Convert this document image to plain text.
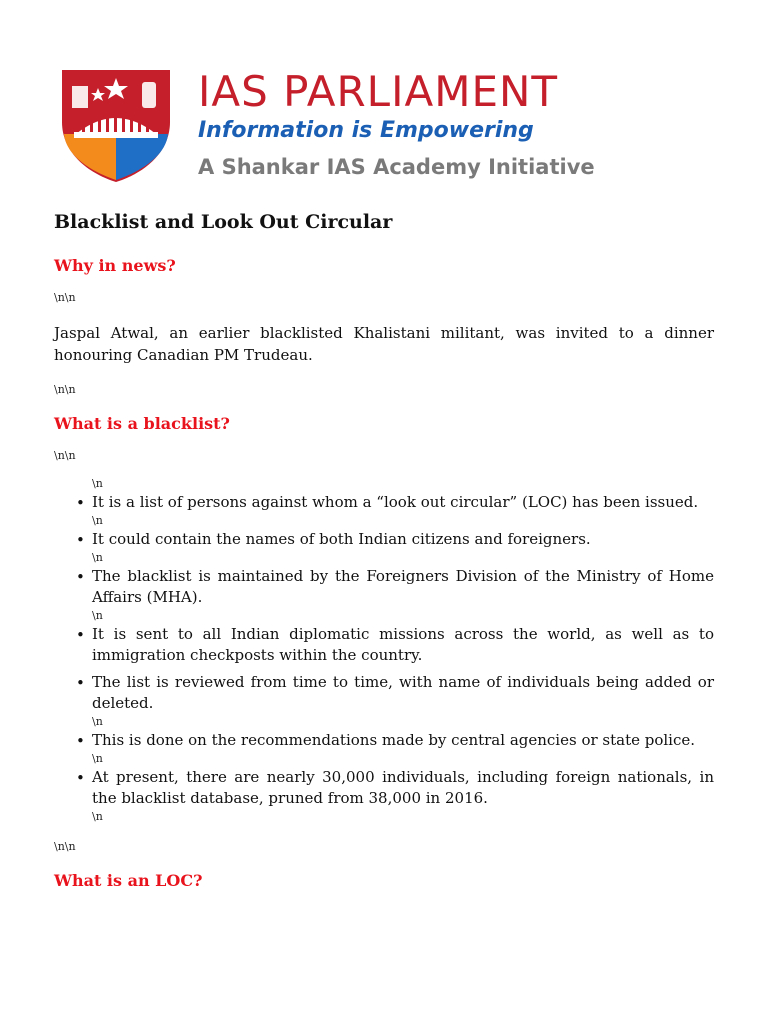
IAS PARLIAMENT
Information is Empowering
A Shankar IAS Academy Initiative
Blacklist and Look Out Circular
Why in news?

\n\n

Jaspal Atwal, an earlier blacklisted Khalistani militant, was invited to a dinner honouring Canadian PM Trudeau.

\n\n

What is a blacklist?

\n\n

\n
• It is a list of persons against whom a “look out circular” (LOC) has been issued.
\n
• It could contain the names of both Indian citizens and foreigners.
\n
• The blacklist is maintained by the Foreigners Division of the Ministry of Home Affairs (MHA).
\n
• It is sent to all Indian diplomatic missions across the world, as well as to immigration checkposts within the country.
• The list is reviewed from time to time, with name of individuals being added or deleted.
\n
• This is done on the recommendations made by central agencies or state police.
\n
• At present, there are nearly 30,000 individuals, including foreign nationals, in the blacklist database, pruned from 38,000 in 2016.
\n

\n\n

What is an LOC?
